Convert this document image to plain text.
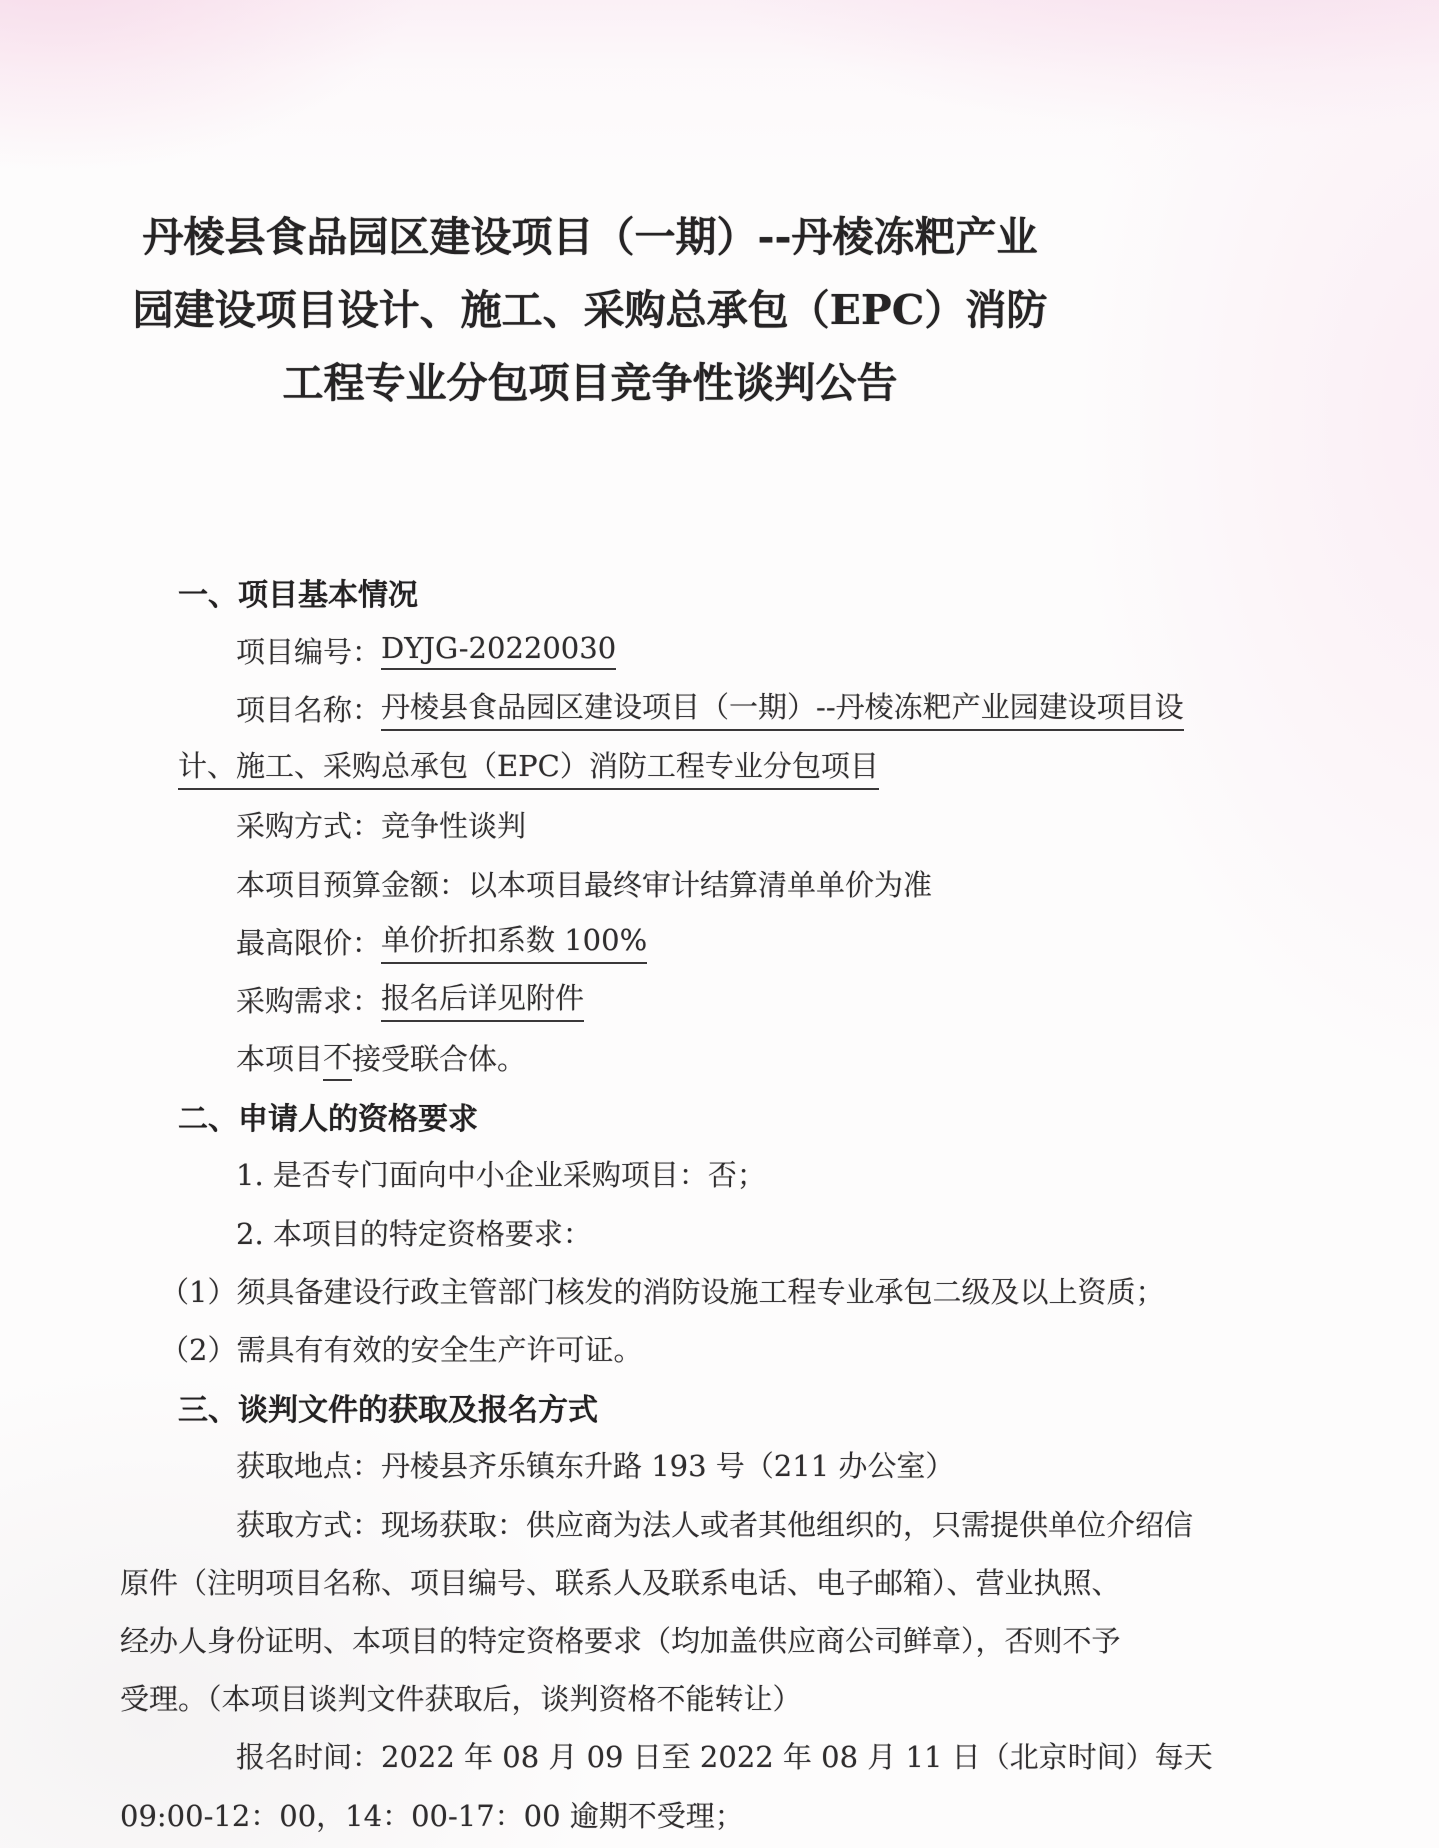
丹棱县食品园区建设项目（一期）--丹棱冻粑产业
园建设项目设计、施工、采购总承包（EPC）消防
工程专业分包项目竞争性谈判公告
一、项目基本情况
项目编号： DYJG-20220030
项目名称： 丹棱县食品园区建设项目（一期）--丹棱冻粑产业园建设项目设
计、施工、采购总承包（EPC）消防工程专业分包项目
采购方式：竞争性谈判
本项目预算金额：以本项目最终审计结算清单单价为准
最高限价： 单价折扣系数 100%
采购需求： 报名后详见附件
本项目 不 接受联合体。
二、申请人的资格要求
1. 是否专门面向中小企业采购项目：否；
2. 本项目的特定资格要求：
（1）须具备建设行政主管部门核发的消防设施工程专业承包二级及以上资质；
（2）需具有有效的安全生产许可证。
三、谈判文件的获取及报名方式
获取地点：丹棱县齐乐镇东升路 193 号（211 办公室）
获取方式：现场获取：供应商为法人或者其他组织的，只需提供单位介绍信
原件（注明项目名称、项目编号、联系人及联系电话、电子邮箱）、营业执照、
经办人身份证明、本项目的特定资格要求（均加盖供应商公司鲜章），否则不予
受理。（本项目谈判文件获取后，谈判资格不能转让）
报名时间：2022 年 08 月 09 日至 2022 年 08 月 11 日（北京时间）每天
09:00-12：00，14：00-17：00 逾期不受理；
